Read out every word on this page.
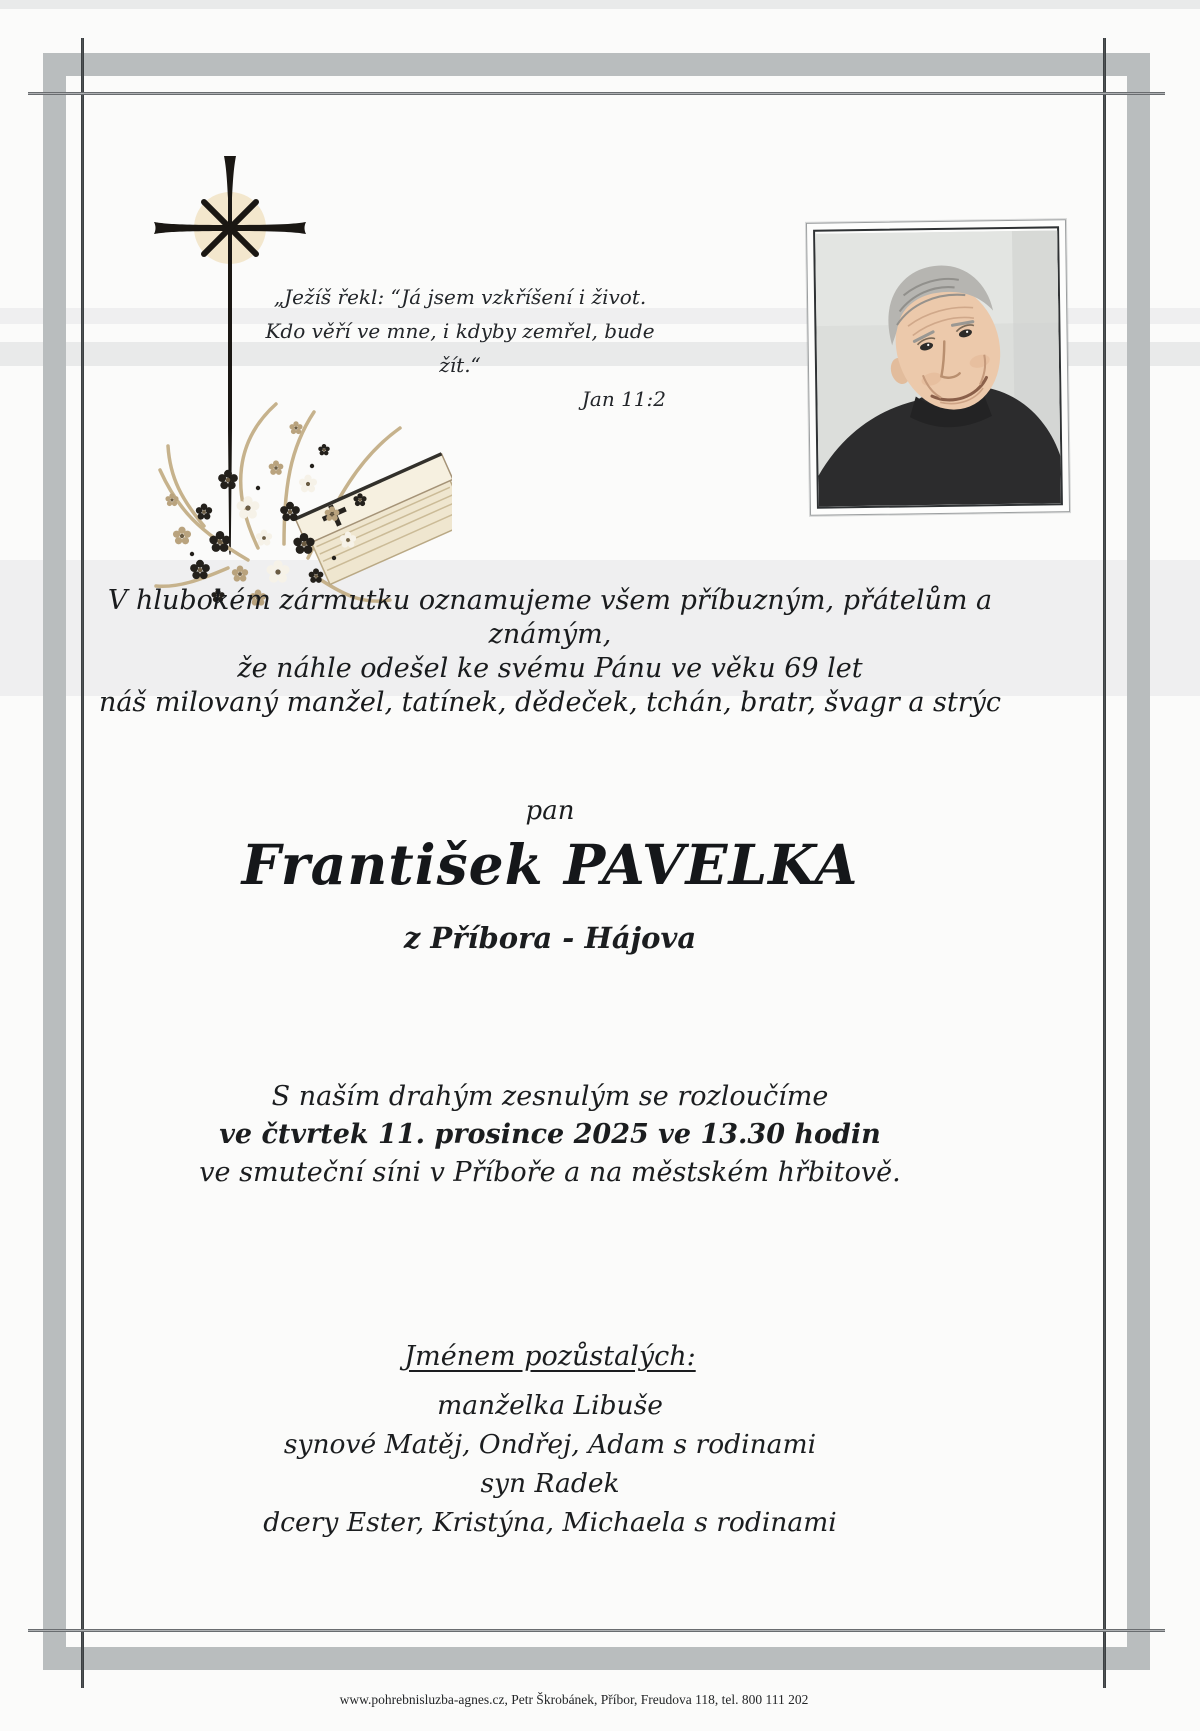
„Ježíš řekl: “Já jsem vzkříšení i život.
Kdo věří ve mne, i kdyby zemřel, bude žít.“
Jan 11:2
V hlubokém zármutku oznamujeme všem příbuzným, přátelům a známým,
že náhle odešel ke svému Pánu ve věku 69 let
náš milovaný manžel, tatínek, dědeček, tchán, bratr, švagr a strýc
pan
František PAVELKA
z Příbora - Hájova
S naším drahým zesnulým se rozloučíme
ve čtvrtek 11. prosince 2025 ve 13.30 hodin
ve smuteční síni v Příboře a na městském hřbitově.
Jménem pozůstalých:
manželka Libuše
synové Matěj, Ondřej, Adam s rodinami
syn Radek
dcery Ester, Kristýna, Michaela s rodinami
www.pohrebnisluzba-agnes.cz, Petr Škrobánek, Příbor, Freudova 118, tel. 800 111 202
